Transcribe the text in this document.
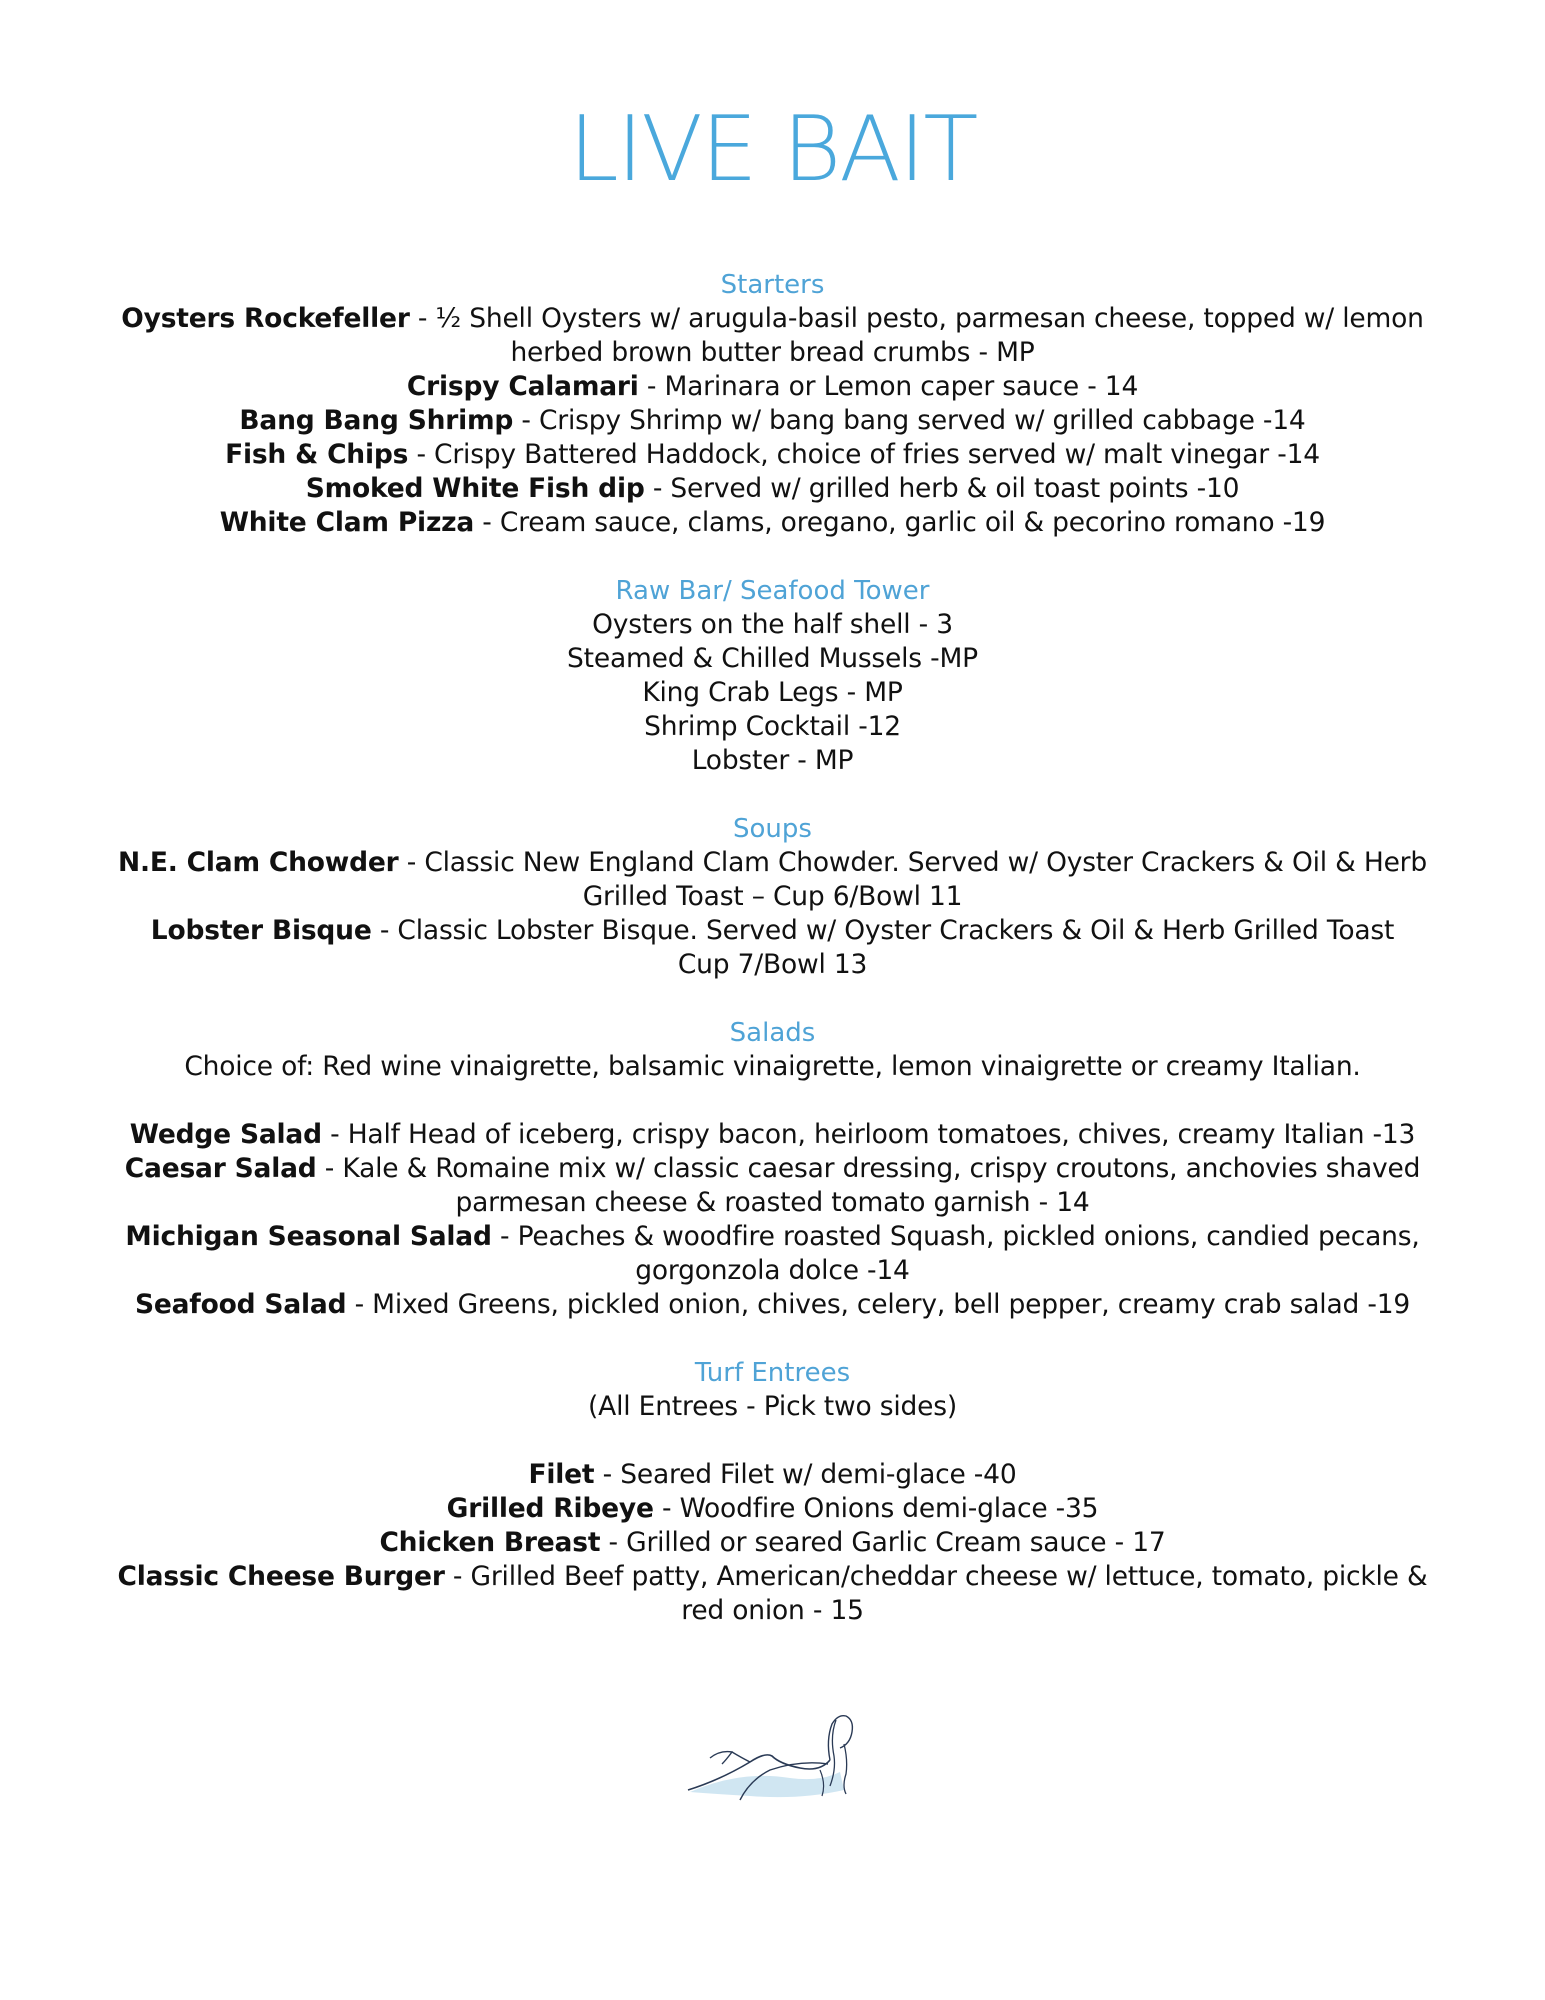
LIVE BAIT

Starters

Oysters Rockefeller - ½ Shell Oysters w/ arugula-basil pesto, parmesan cheese, topped w/ lemon

herbed brown butter bread crumbs - MP

Crispy Calamari - Marinara or Lemon caper sauce - 14

Bang Bang Shrimp - Crispy Shrimp w/ bang bang served w/ grilled cabbage -14

Fish & Chips - Crispy Battered Haddock, choice of fries served w/ malt vinegar -14

Smoked White Fish dip - Served w/ grilled herb & oil toast points -10

White Clam Pizza - Cream sauce, clams, oregano, garlic oil & pecorino romano -19

Raw Bar/ Seafood Tower

Oysters on the half shell - 3

Steamed & Chilled Mussels -MP

King Crab Legs - MP

Shrimp Cocktail -12

Lobster - MP

Soups

N.E. Clam Chowder - Classic New England Clam Chowder. Served w/ Oyster Crackers & Oil & Herb

Grilled Toast – Cup 6/Bowl 11

Lobster Bisque - Classic Lobster Bisque. Served w/ Oyster Crackers & Oil & Herb Grilled Toast

Cup 7/Bowl 13

Salads

Choice of: Red wine vinaigrette, balsamic vinaigrette, lemon vinaigrette or creamy Italian.

Wedge Salad - Half Head of iceberg, crispy bacon, heirloom tomatoes, chives, creamy Italian -13

Caesar Salad - Kale & Romaine mix w/ classic caesar dressing, crispy croutons, anchovies shaved

parmesan cheese & roasted tomato garnish - 14

Michigan Seasonal Salad - Peaches & woodfire roasted Squash, pickled onions, candied pecans,

gorgonzola dolce -14

Seafood Salad - Mixed Greens, pickled onion, chives, celery, bell pepper, creamy crab salad -19

Turf Entrees

(All Entrees - Pick two sides)

Filet - Seared Filet w/ demi-glace -40

Grilled Ribeye - Woodfire Onions demi-glace -35

Chicken Breast - Grilled or seared Garlic Cream sauce - 17

Classic Cheese Burger - Grilled Beef patty, American/cheddar cheese w/ lettuce, tomato, pickle &

red onion - 15
